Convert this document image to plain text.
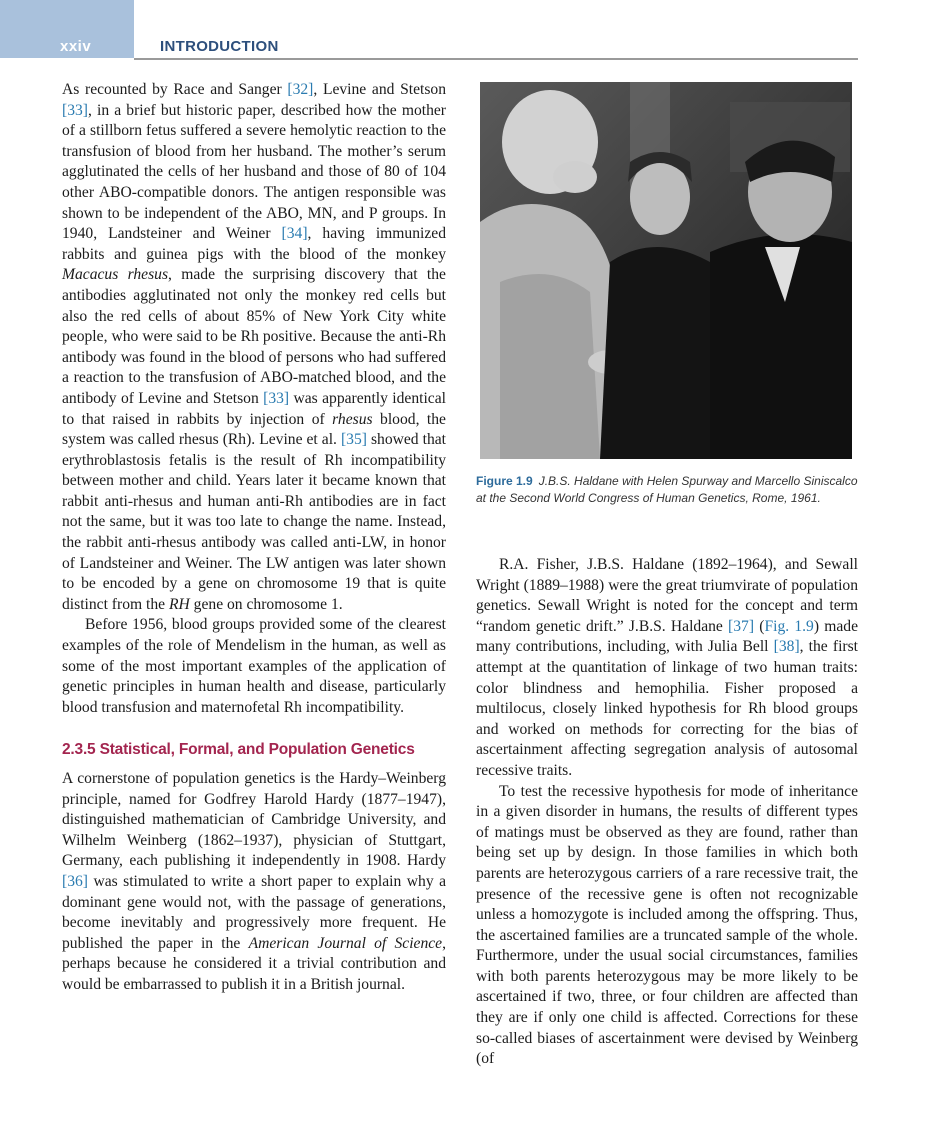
xxiv	INTRODUCTION

As recounted by Race and Sanger [32], Levine and Stetson [33], in a brief but historic paper, described how the mother of a stillborn fetus suffered a severe hemolytic reaction to the transfusion of blood from her husband. The mother’s serum agglutinated the cells of her husband and those of 80 of 104 other ABO-compatible donors. The antigen responsible was shown to be independent of the ABO, MN, and P groups. In 1940, Landsteiner and Weiner [34], having immunized rabbits and guinea pigs with the blood of the monkey Macacus rhesus, made the surprising discovery that the antibodies agglutinated not only the monkey red cells but also the red cells of about 85% of New York City white people, who were said to be Rh positive. Because the anti-Rh antibody was found in the blood of persons who had suffered a reaction to the transfusion of ABO-matched blood, and the antibody of Levine and Stetson [33] was apparently identical to that raised in rabbits by injection of rhesus blood, the system was called rhesus (Rh). Levine et al. [35] showed that erythroblastosis fetalis is the result of Rh incompatibility between mother and child. Years later it became known that rabbit anti-rhesus and human anti-Rh antibodies are in fact not the same, but it was too late to change the name. Instead, the rabbit anti-rhesus antibody was called anti-LW, in honor of Landsteiner and Weiner. The LW antigen was later shown to be encoded by a gene on chromosome 19 that is quite distinct from the RH gene on chromosome 1.

Before 1956, blood groups provided some of the clearest examples of the role of Mendelism in the human, as well as some of the most important examples of the application of genetic principles in human health and disease, particularly blood transfusion and maternofetal Rh incompatibility.

2.3.5 Statistical, Formal, and Population Genetics

A cornerstone of population genetics is the Hardy–Weinberg principle, named for Godfrey Harold Hardy (1877–1947), distinguished mathematician of Cambridge University, and Wilhelm Weinberg (1862–1937), physician of Stuttgart, Germany, each publishing it independently in 1908. Hardy [36] was stimulated to write a short paper to explain why a dominant gene would not, with the passage of generations, become inevitably and progressively more frequent. He published the paper in the American Journal of Science, perhaps because he considered it a trivial contribution and would be embarrassed to publish it in a British journal.

Figure 1.9 J.B.S. Haldane with Helen Spurway and Marcello Siniscalco at the Second World Congress of Human Genetics, Rome, 1961.

R.A. Fisher, J.B.S. Haldane (1892–1964), and Sewall Wright (1889–1988) were the great triumvirate of population genetics. Sewall Wright is noted for the concept and term “random genetic drift.” J.B.S. Haldane [37] (Fig. 1.9) made many contributions, including, with Julia Bell [38], the first attempt at the quantitation of linkage of two human traits: color blindness and hemophilia. Fisher proposed a multilocus, closely linked hypothesis for Rh blood groups and worked on methods for correcting for the bias of ascertainment affecting segregation analysis of autosomal recessive traits.

To test the recessive hypothesis for mode of inheritance in a given disorder in humans, the results of different types of matings must be observed as they are found, rather than being set up by design. In those families in which both parents are heterozygous carriers of a rare recessive trait, the presence of the recessive gene is often not recognizable unless a homozygote is included among the offspring. Thus, the ascertained families are a truncated sample of the whole. Furthermore, under the usual social circumstances, families with both parents heterozygous may be more likely to be ascertained if two, three, or four children are affected than they are if only one child is affected. Corrections for these so-called biases of ascertainment were devised by Weinberg (of
